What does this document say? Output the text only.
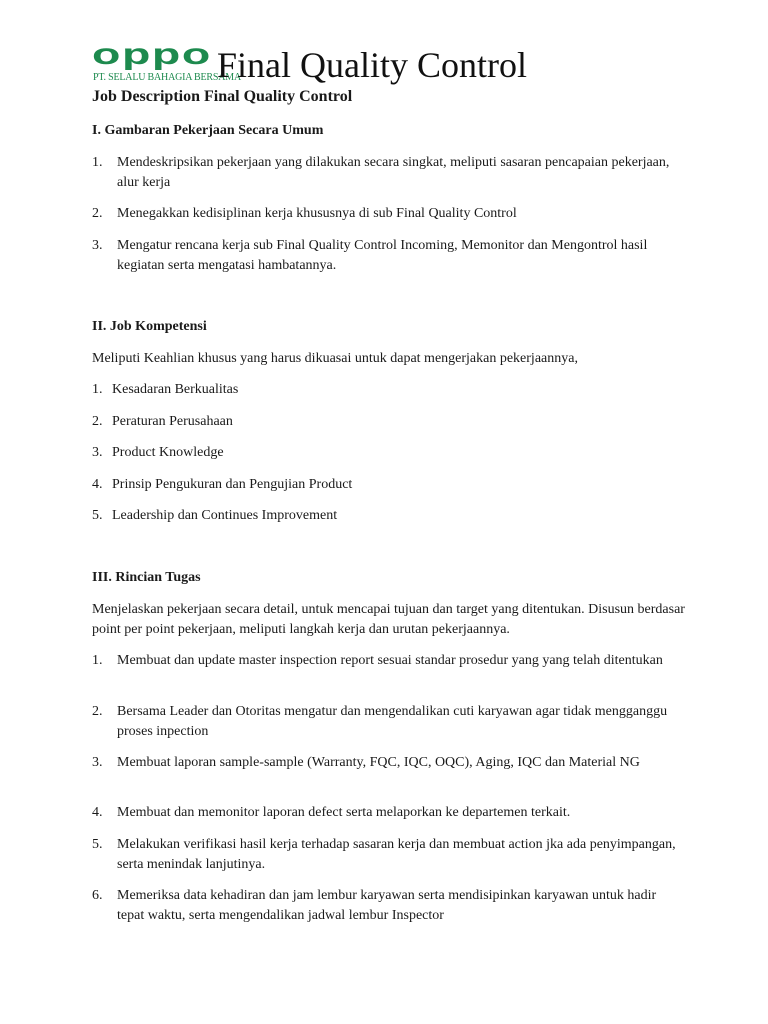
oppo
PT. SELALU BAHAGIA BERSAMA
Final Quality Control
Job Description Final Quality Control
I. Gambaran Pekerjaan Secara Umum
1. Mendeskripsikan pekerjaan yang dilakukan secara singkat, meliputi sasaran pencapaian pekerjaan, alur kerja
2. Menegakkan kedisiplinan kerja khususnya di sub Final Quality Control
3. Mengatur rencana kerja sub Final Quality Control Incoming, Memonitor dan Mengontrol hasil kegiatan serta mengatasi hambatannya.
II. Job Kompetensi
Meliputi Keahlian khusus yang harus dikuasai untuk dapat mengerjakan pekerjaannya,
1. Kesadaran Berkualitas
2. Peraturan Perusahaan
3. Product Knowledge
4. Prinsip Pengukuran dan Pengujian Product
5. Leadership dan Continues Improvement
III. Rincian Tugas
Menjelaskan pekerjaan secara detail, untuk mencapai tujuan dan target yang ditentukan. Disusun berdasar point per point pekerjaan, meliputi langkah kerja dan urutan pekerjaannya.
1. Membuat dan update master inspection report sesuai standar prosedur yang yang telah ditentukan
2. Bersama Leader dan Otoritas mengatur dan mengendalikan cuti karyawan agar tidak mengganggu proses inpection
3. Membuat laporan sample-sample (Warranty, FQC, IQC, OQC), Aging, IQC dan Material NG
4. Membuat dan memonitor laporan defect serta melaporkan ke departemen terkait.
5. Melakukan verifikasi hasil kerja terhadap sasaran kerja dan membuat action jka ada penyimpangan, serta menindak lanjutinya.
6. Memeriksa data kehadiran dan jam lembur karyawan serta mendisipinkan karyawan untuk hadir tepat waktu, serta mengendalikan jadwal lembur Inspector
